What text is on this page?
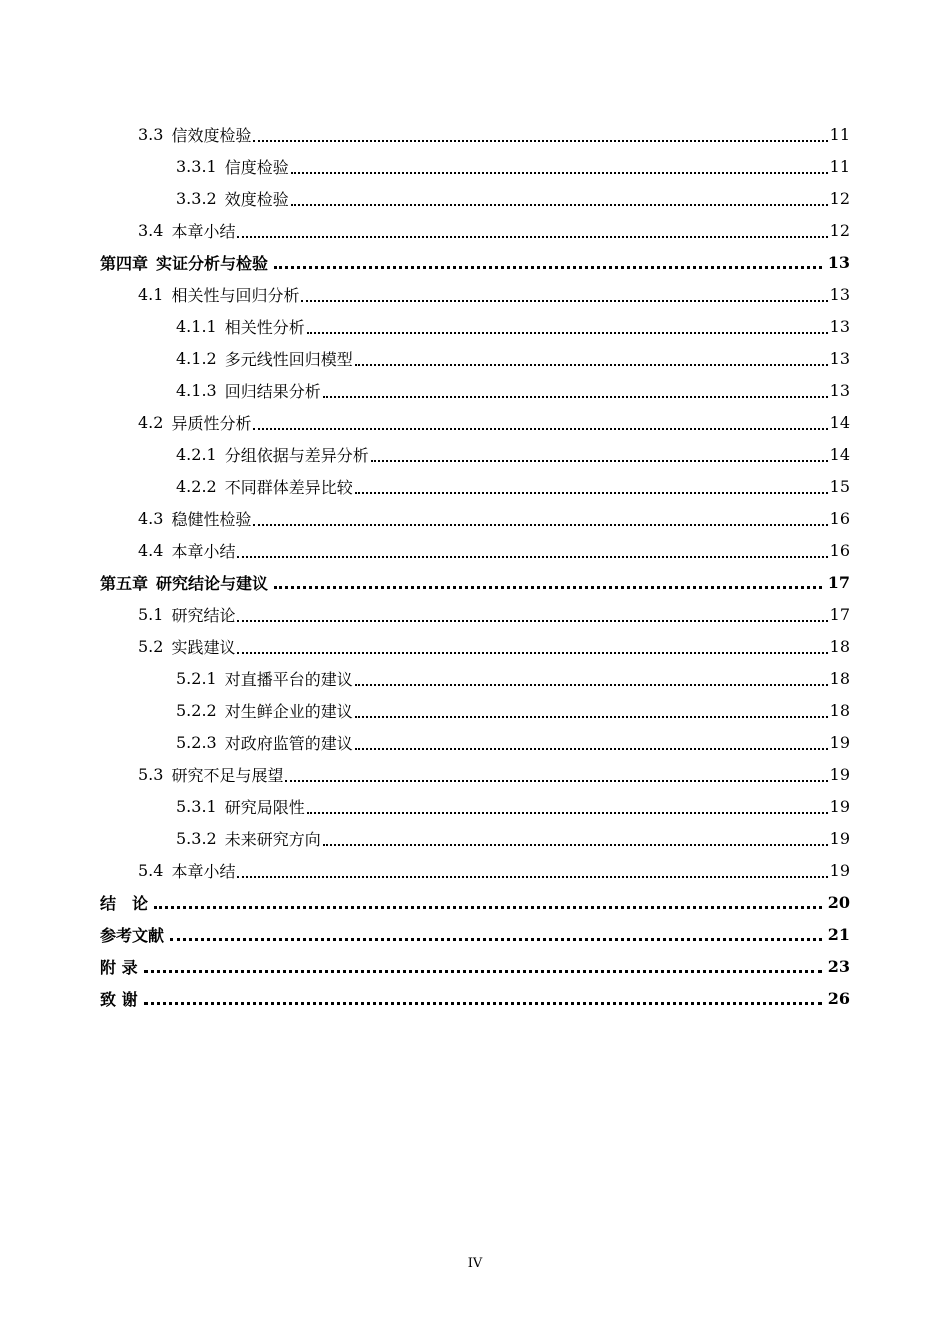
3.3 信效度检验	11
3.3.1 信度检验	11
3.3.2 效度检验	12
3.4 本章小结	12
第四章 实证分析与检验	13
4.1 相关性与回归分析	13
4.1.1 相关性分析	13
4.1.2 多元线性回归模型	13
4.1.3 回归结果分析	13
4.2 异质性分析	14
4.2.1 分组依据与差异分析	14
4.2.2 不同群体差异比较	15
4.3 稳健性检验	16
4.4 本章小结	16
第五章 研究结论与建议	17
5.1 研究结论	17
5.2 实践建议	18
5.2.1 对直播平台的建议	18
5.2.2 对生鲜企业的建议	18
5.2.3 对政府监管的建议	19
5.3 研究不足与展望	19
5.3.1 研究局限性	19
5.3.2 未来研究方向	19
5.4 本章小结	19
结　论	20
参考文献	21
附 录	23
致 谢	26
IV
